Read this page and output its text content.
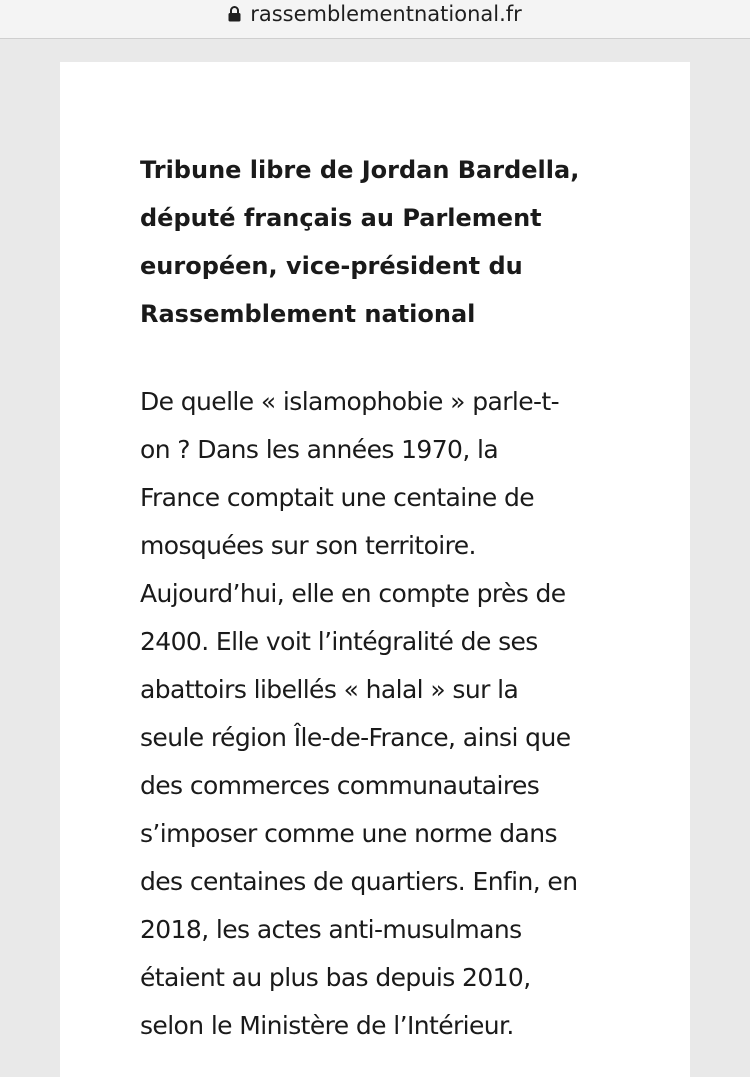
rassemblementnational.fr

Tribune libre de Jordan Bardella,
député français au Parlement
européen, vice-président du
Rassemblement national

De quelle « islamophobie » parle-t-
on ? Dans les années 1970, la
France comptait une centaine de
mosquées sur son territoire.
Aujourd’hui, elle en compte près de
2400. Elle voit l’intégralité de ses
abattoirs libellés « halal » sur la
seule région Île-de-France, ainsi que
des commerces communautaires
s’imposer comme une norme dans
des centaines de quartiers. Enfin, en
2018, les actes anti-musulmans
étaient au plus bas depuis 2010,
selon le Ministère de l’Intérieur.
